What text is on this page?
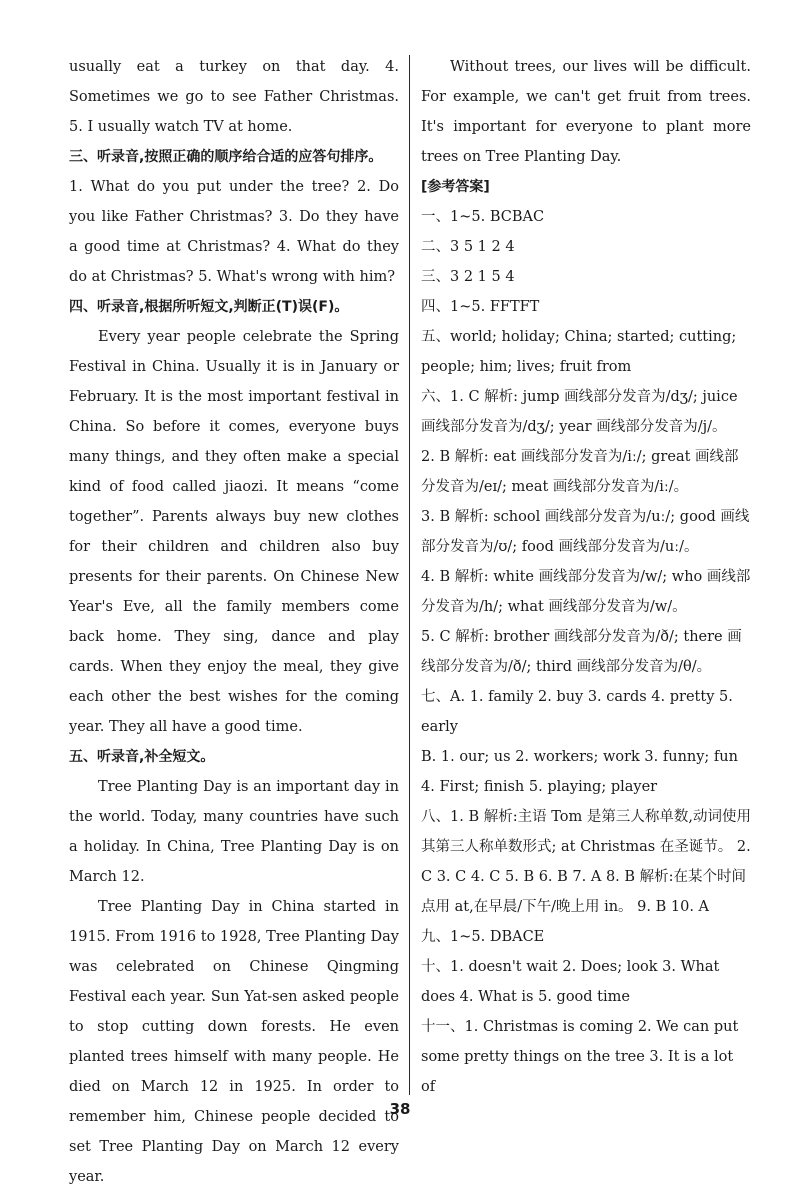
usually eat a turkey on that day. 4. Sometimes we go to see Father Christmas. 5. I usually watch TV at home.

三、听录音,按照正确的顺序给合适的应答句排序。

1. What do you put under the tree? 2. Do you like Father Christmas? 3. Do they have a good time at Christmas? 4. What do they do at Christmas? 5. What's wrong with him?

四、听录音,根据所听短文,判断正(T)误(F)。

Every year people celebrate the Spring Festival in China. Usually it is in January or February. It is the most important festival in China. So before it comes, everyone buys many things, and they often make a special kind of food called jiaozi. It means “come together”. Parents always buy new clothes for their children and children also buy presents for their parents. On Chinese New Year's Eve, all the family members come back home. They sing, dance and play cards. When they enjoy the meal, they give each other the best wishes for the coming year. They all have a good time.

五、听录音,补全短文。

Tree Planting Day is an important day in the world. Today, many countries have such a holiday. In China, Tree Planting Day is on March 12.

Tree Planting Day in China started in 1915. From 1916 to 1928, Tree Planting Day was celebrated on Chinese Qingming Festival each year. Sun Yat-sen asked people to stop cutting down forests. He even planted trees himself with many people. He died on March 12 in 1925. In order to remember him, Chinese people decided to set Tree Planting Day on March 12 every year.

Without trees, our lives will be difficult. For example, we can't get fruit from trees. It's important for everyone to plant more trees on Tree Planting Day.

[参考答案]

一、1~5. BCBAC

二、3 5 1 2 4

三、3 2 1 5 4

四、1~5. FFTFT

五、world; holiday; China; started; cutting; people; him; lives; fruit from

六、1. C 解析: jump 画线部分发音为/dʒ/; juice 画线部分发音为/dʒ/; year 画线部分发音为/j/。

2. B 解析: eat 画线部分发音为/iː/; great 画线部分发音为/eɪ/; meat 画线部分发音为/iː/。

3. B 解析: school 画线部分发音为/uː/; good 画线部分发音为/ʊ/; food 画线部分发音为/uː/。

4. B 解析: white 画线部分发音为/w/; who 画线部分发音为/h/; what 画线部分发音为/w/。

5. C 解析: brother 画线部分发音为/ð/; there 画线部分发音为/ð/; third 画线部分发音为/θ/。

七、A. 1. family 2. buy 3. cards 4. pretty 5. early

B. 1. our; us 2. workers; work 3. funny; fun 4. First; finish 5. playing; player

八、1. B 解析:主语 Tom 是第三人称单数,动词使用其第三人称单数形式; at Christmas 在圣诞节。 2. C 3. C 4. C 5. B 6. B 7. A 8. B 解析:在某个时间点用 at,在早晨/下午/晚上用 in。 9. B 10. A

九、1~5. DBACE

十、1. doesn't wait 2. Does; look 3. What does 4. What is 5. good time

十一、1. Christmas is coming 2. We can put some pretty things on the tree 3. It is a lot of

38
